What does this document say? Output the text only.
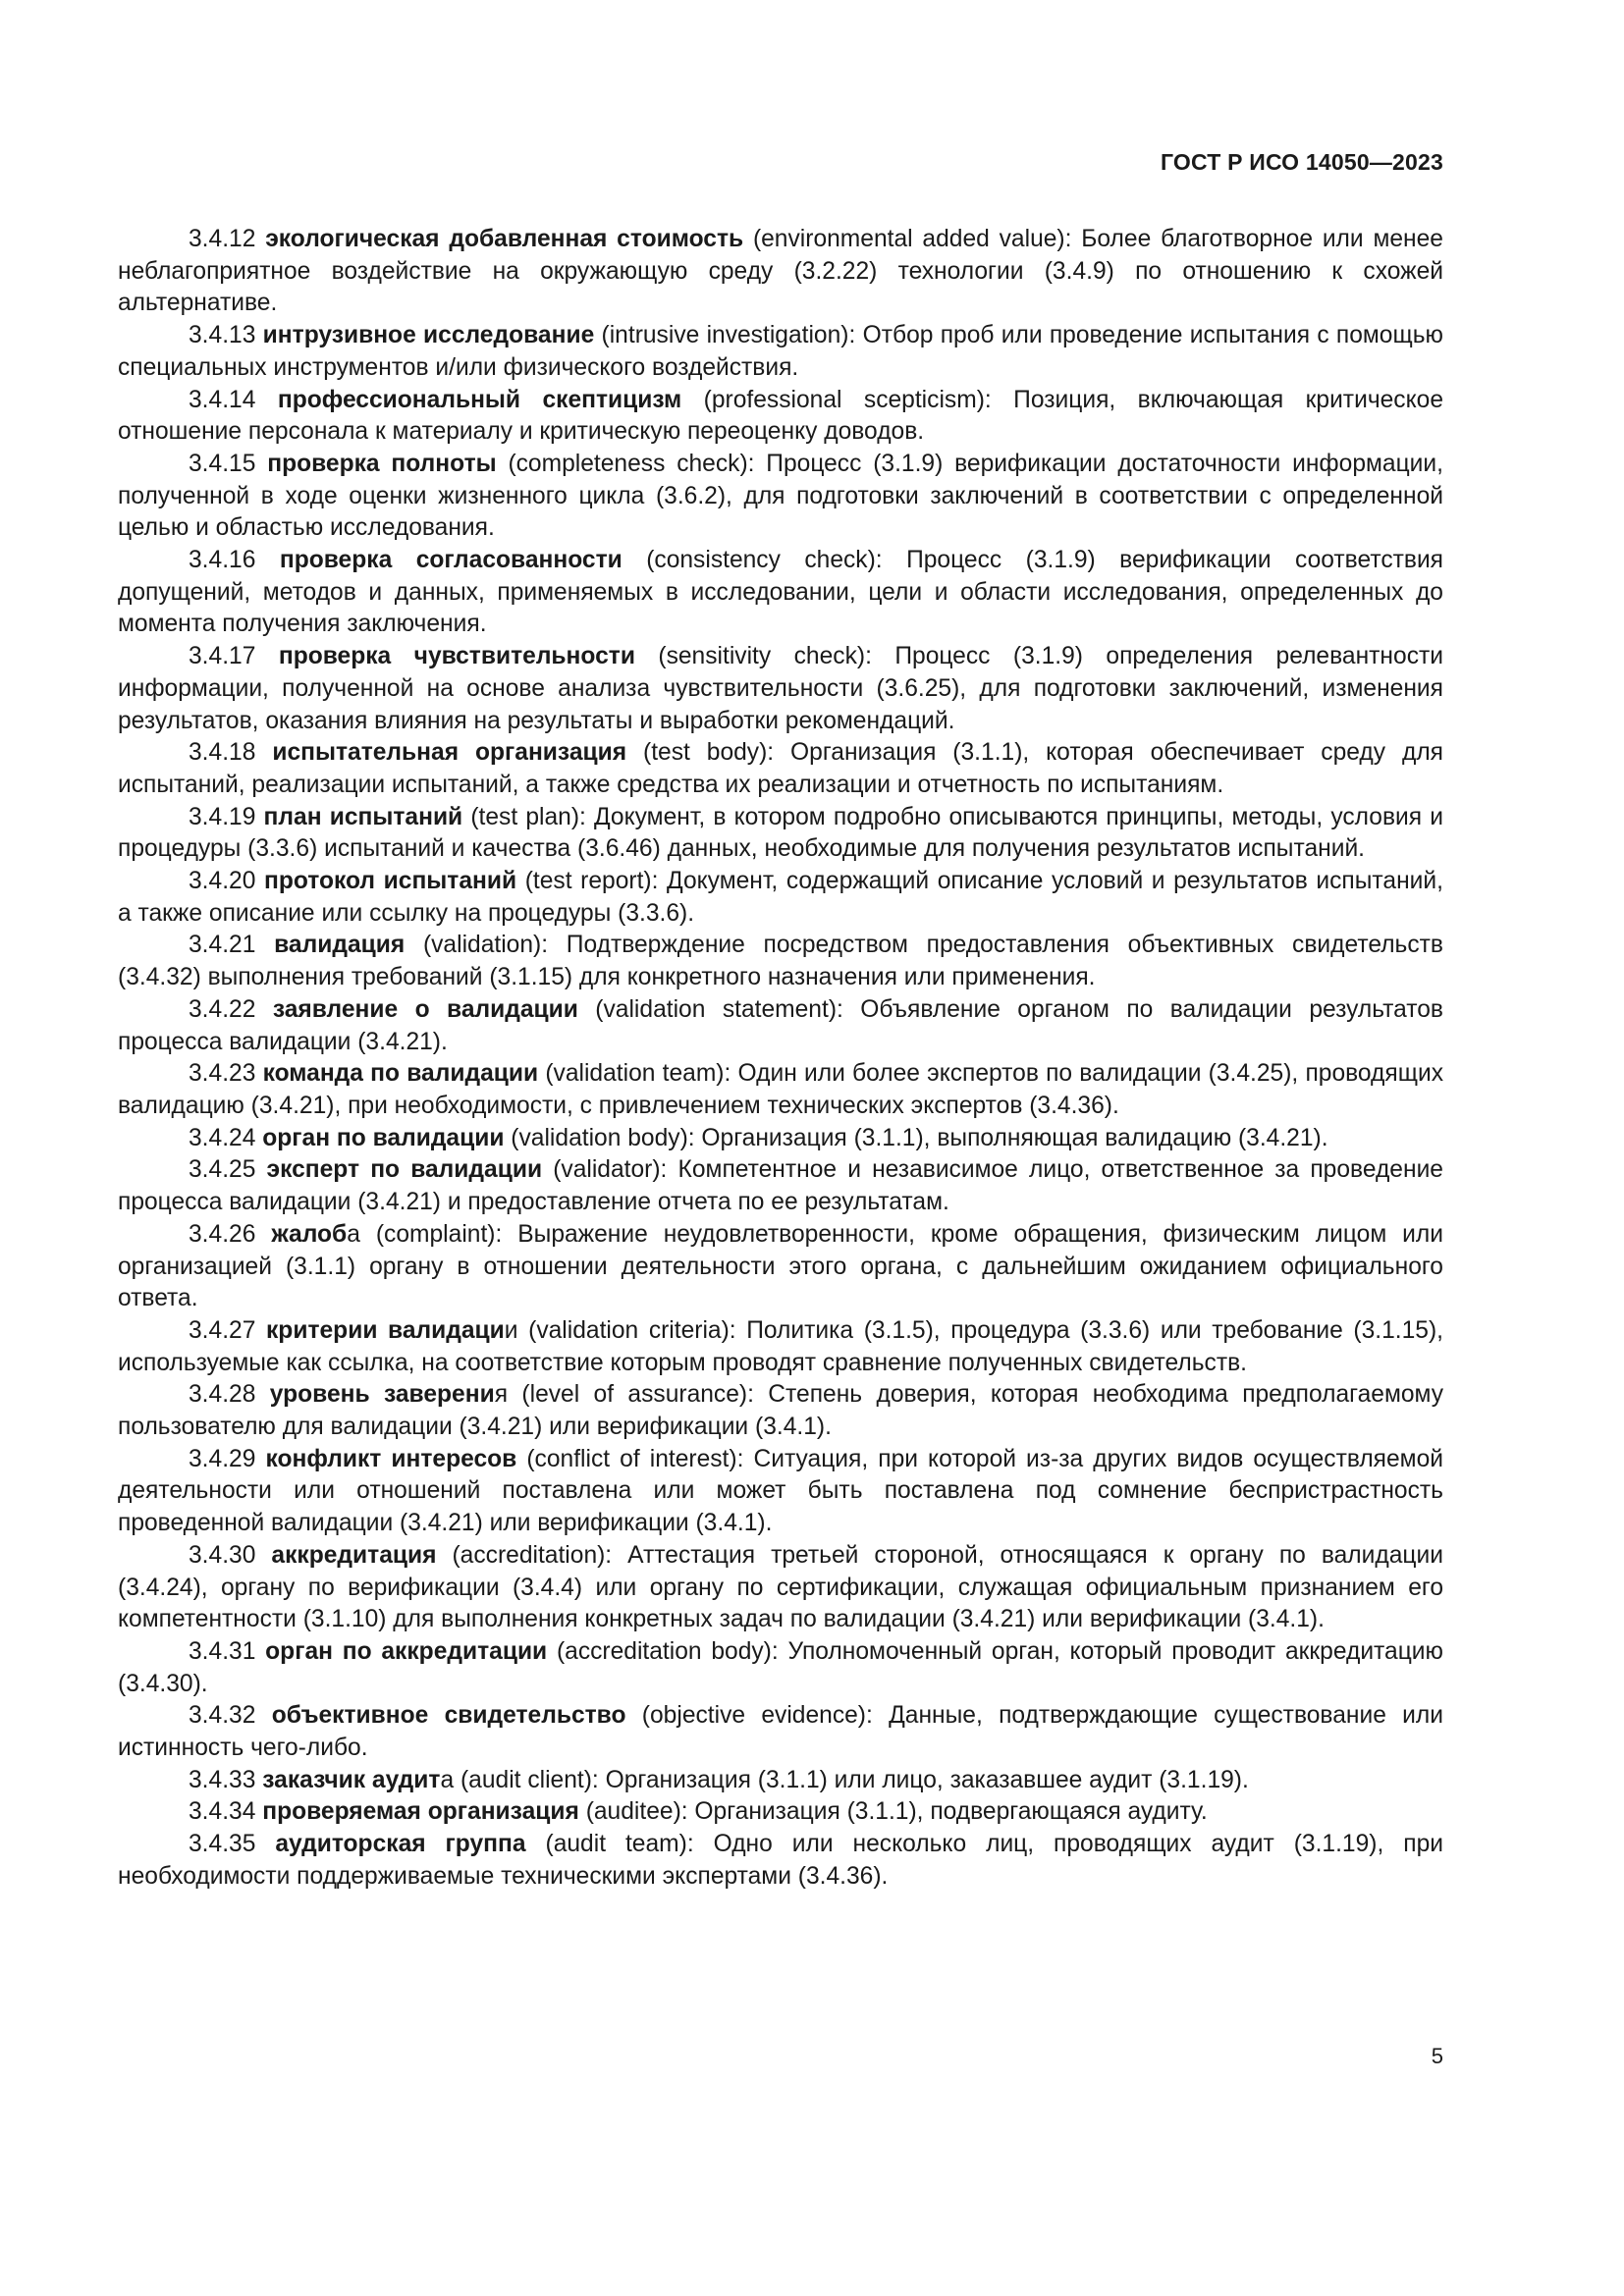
ГОСТ Р ИСО 14050—2023

3.4.12 экологическая добавленная стоимость (environmental added value): Более благотворное или менее неблагоприятное воздействие на окружающую среду (3.2.22) технологии (3.4.9) по отношению к схожей альтернативе.

3.4.13 интрузивное исследование (intrusive investigation): Отбор проб или проведение испытания с помощью специальных инструментов и/или физического воздействия.

3.4.14 профессиональный скептицизм (professional scepticism): Позиция, включающая критическое отношение персонала к материалу и критическую переоценку доводов.

3.4.15 проверка полноты (completeness check): Процесс (3.1.9) верификации достаточности информации, полученной в ходе оценки жизненного цикла (3.6.2), для подготовки заключений в соответствии с определенной целью и областью исследования.

3.4.16 проверка согласованности (consistency check): Процесс (3.1.9) верификации соответствия допущений, методов и данных, применяемых в исследовании, цели и области исследования, определенных до момента получения заключения.

3.4.17 проверка чувствительности (sensitivity check): Процесс (3.1.9) определения релевантности информации, полученной на основе анализа чувствительности (3.6.25), для подготовки заключений, изменения результатов, оказания влияния на результаты и выработки рекомендаций.

3.4.18 испытательная организация (test body): Организация (3.1.1), которая обеспечивает среду для испытаний, реализации испытаний, а также средства их реализации и отчетность по испытаниям.

3.4.19 план испытаний (test plan): Документ, в котором подробно описываются принципы, методы, условия и процедуры (3.3.6) испытаний и качества (3.6.46) данных, необходимые для получения результатов испытаний.

3.4.20 протокол испытаний (test report): Документ, содержащий описание условий и результатов испытаний, а также описание или ссылку на процедуры (3.3.6).

3.4.21 валидация (validation): Подтверждение посредством предоставления объективных свидетельств (3.4.32) выполнения требований (3.1.15) для конкретного назначения или применения.

3.4.22 заявление о валидации (validation statement): Объявление органом по валидации результатов процесса валидации (3.4.21).

3.4.23 команда по валидации (validation team): Один или более экспертов по валидации (3.4.25), проводящих валидацию (3.4.21), при необходимости, с привлечением технических экспертов (3.4.36).

3.4.24 орган по валидации (validation body): Организация (3.1.1), выполняющая валидацию (3.4.21).

3.4.25 эксперт по валидации (validator): Компетентное и независимое лицо, ответственное за проведение процесса валидации (3.4.21) и предоставление отчета по ее результатам.

3.4.26 жалоба (complaint): Выражение неудовлетворенности, кроме обращения, физическим лицом или организацией (3.1.1) органу в отношении деятельности этого органа, с дальнейшим ожиданием официального ответа.

3.4.27 критерии валидации (validation criteria): Политика (3.1.5), процедура (3.3.6) или требование (3.1.15), используемые как ссылка, на соответствие которым проводят сравнение полученных свидетельств.

3.4.28 уровень заверения (level of assurance): Степень доверия, которая необходима предполагаемому пользователю для валидации (3.4.21) или верификации (3.4.1).

3.4.29 конфликт интересов (conflict of interest): Ситуация, при которой из-за других видов осуществляемой деятельности или отношений поставлена или может быть поставлена под сомнение беспристрастность проведенной валидации (3.4.21) или верификации (3.4.1).

3.4.30 аккредитация (accreditation): Аттестация третьей стороной, относящаяся к органу по валидации (3.4.24), органу по верификации (3.4.4) или органу по сертификации, служащая официальным признанием его компетентности (3.1.10) для выполнения конкретных задач по валидации (3.4.21) или верификации (3.4.1).

3.4.31 орган по аккредитации (accreditation body): Уполномоченный орган, который проводит аккредитацию (3.4.30).

3.4.32 объективное свидетельство (objective evidence): Данные, подтверждающие существование или истинность чего-либо.

3.4.33 заказчик аудита (audit client): Организация (3.1.1) или лицо, заказавшее аудит (3.1.19).

3.4.34 проверяемая организация (auditee): Организация (3.1.1), подвергающаяся аудиту.

3.4.35 аудиторская группа (audit team): Одно или несколько лиц, проводящих аудит (3.1.19), при необходимости поддерживаемые техническими экспертами (3.4.36).

5
